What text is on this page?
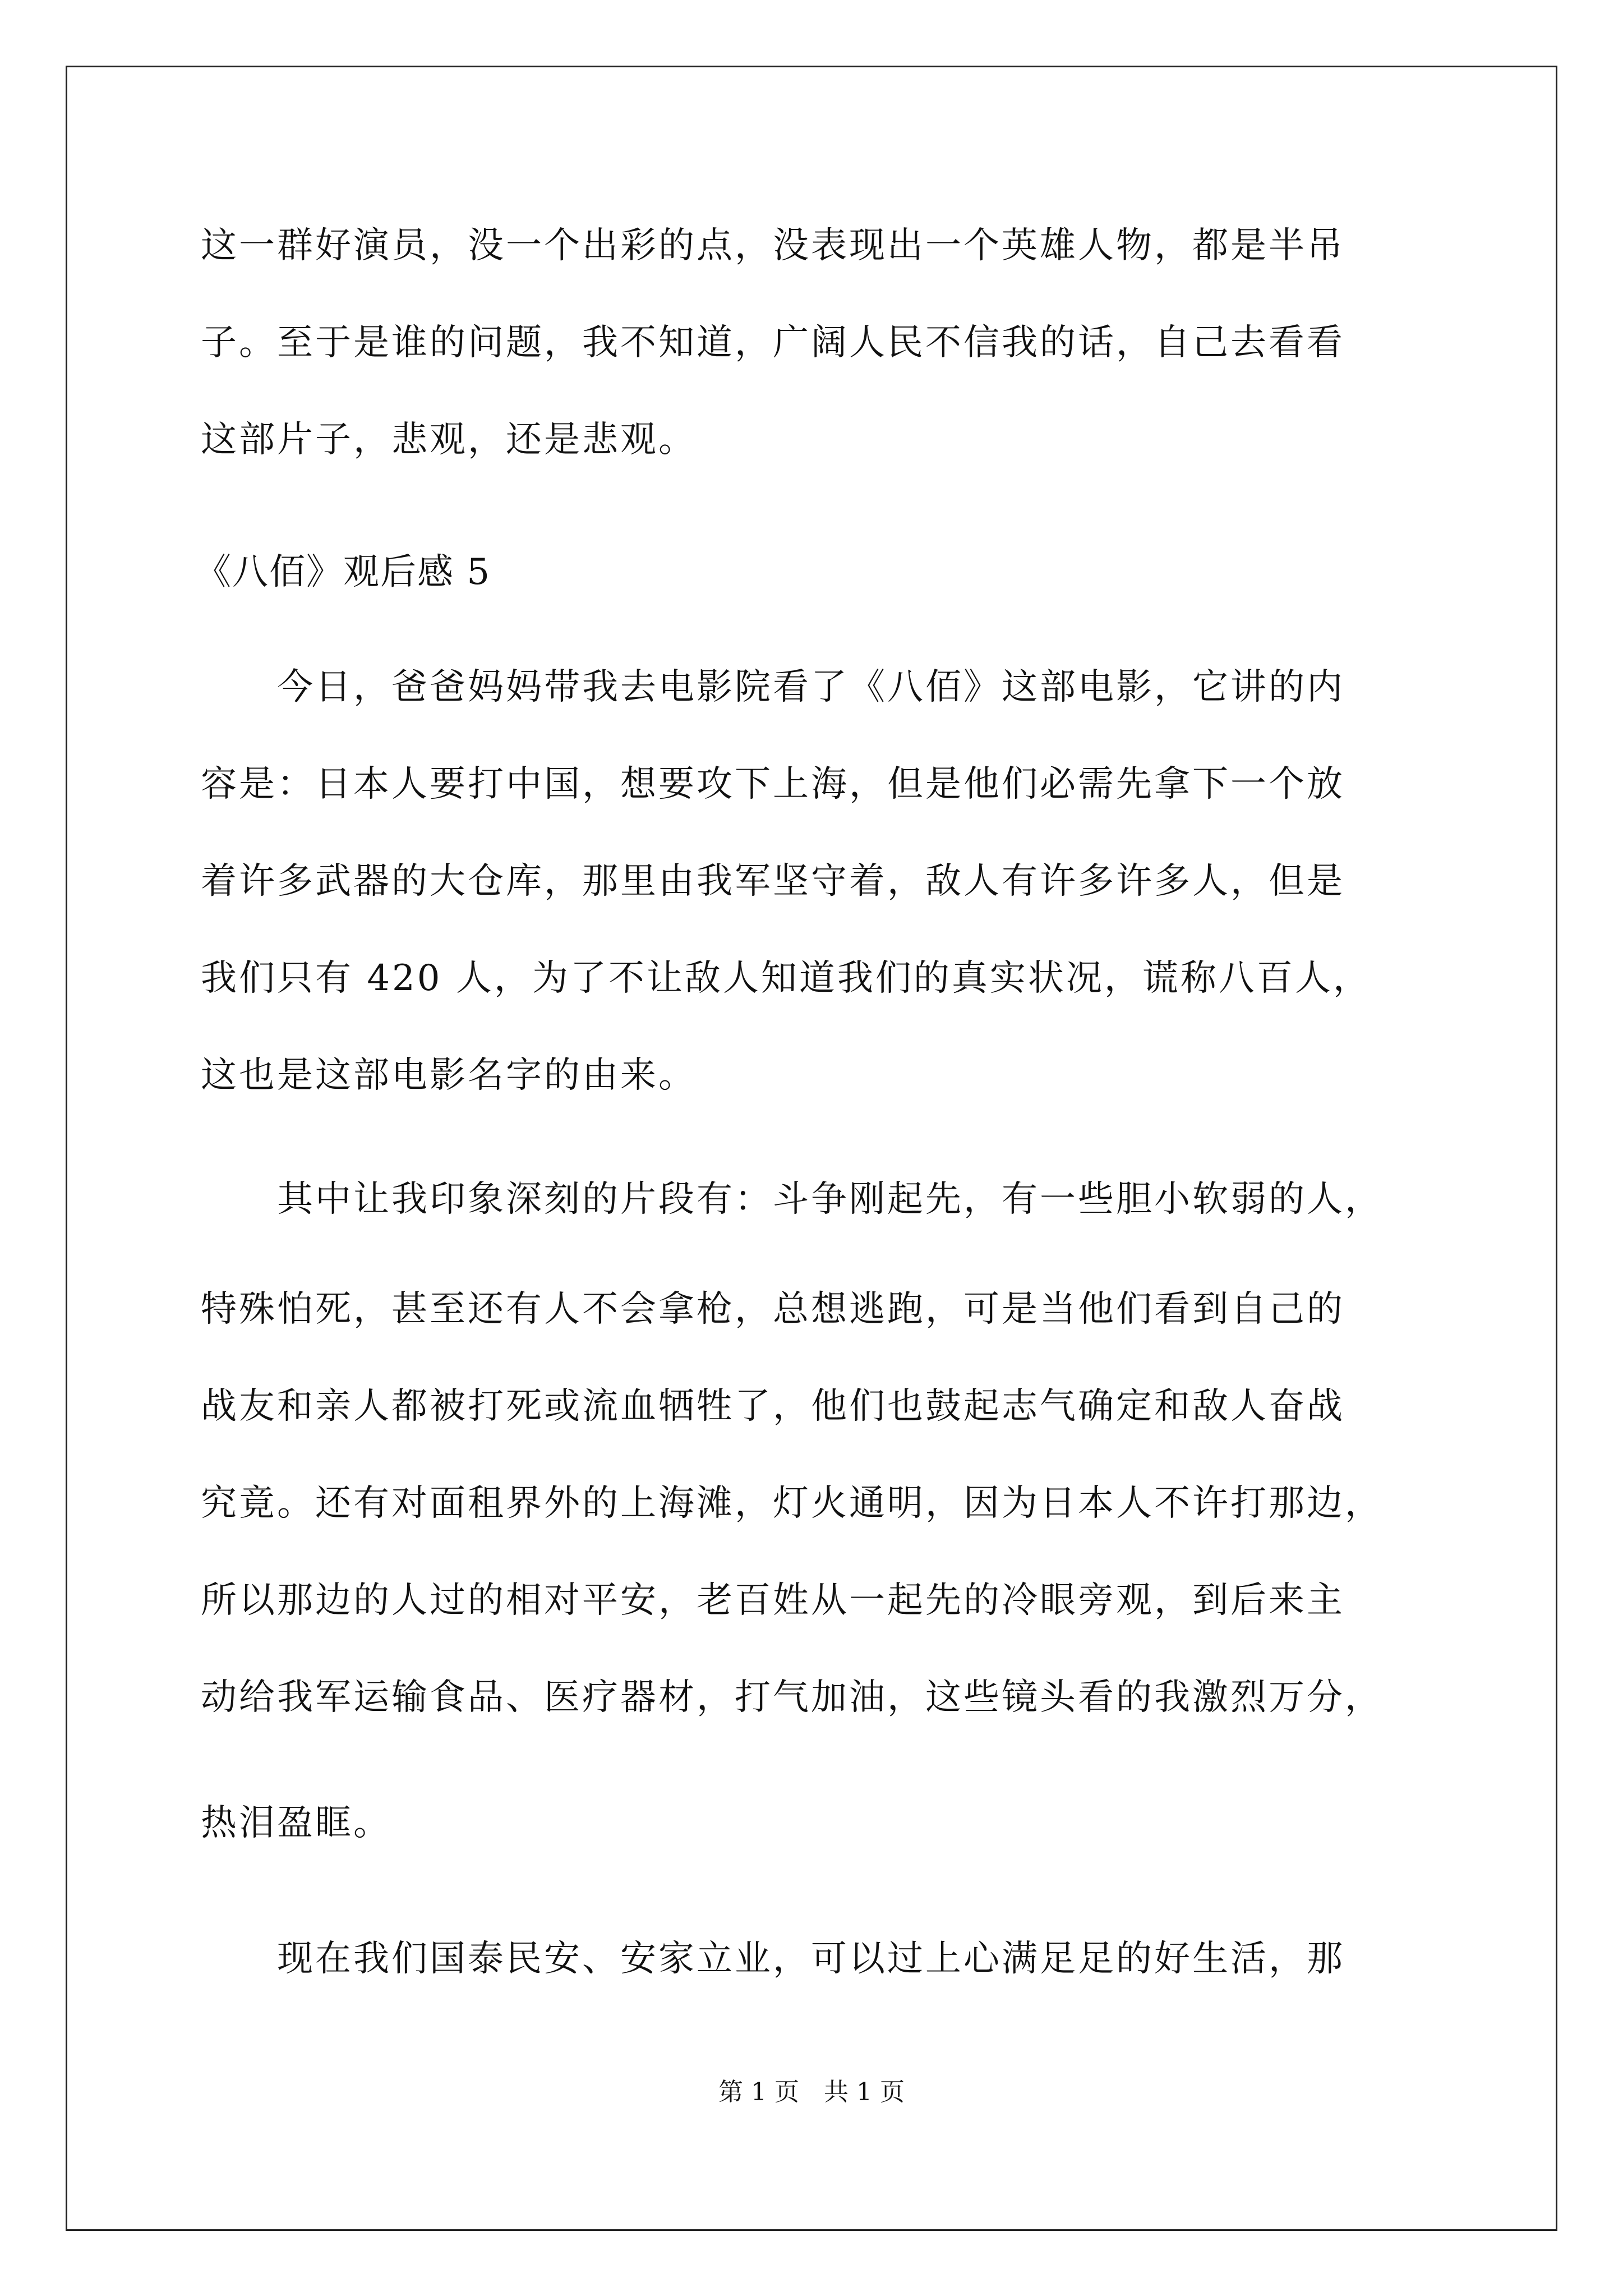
这一群好演员，没一个出彩的点，没表现出一个英雄人物，都是半吊
子。至于是谁的问题，我不知道，广阔人民不信我的话，自己去看看
这部片子，悲观，还是悲观。
《八佰》观后感 5
　　今日，爸爸妈妈带我去电影院看了《八佰》这部电影，它讲的内
容是：日本人要打中国，想要攻下上海，但是他们必需先拿下一个放
着许多武器的大仓库，那里由我军坚守着，敌人有许多许多人，但是
我们只有 420 人，为了不让敌人知道我们的真实状况，谎称八百人，
这也是这部电影名字的由来。
　　其中让我印象深刻的片段有：斗争刚起先，有一些胆小软弱的人，
特殊怕死，甚至还有人不会拿枪，总想逃跑，可是当他们看到自己的
战友和亲人都被打死或流血牺牲了，他们也鼓起志气确定和敌人奋战
究竟。还有对面租界外的上海滩，灯火通明，因为日本人不许打那边，
所以那边的人过的相对平安，老百姓从一起先的冷眼旁观，到后来主
动给我军运输食品、医疗器材，打气加油，这些镜头看的我激烈万分，
热泪盈眶。
　　现在我们国泰民安、安家立业，可以过上心满足足的好生活，那
第 1 页　共 1 页
